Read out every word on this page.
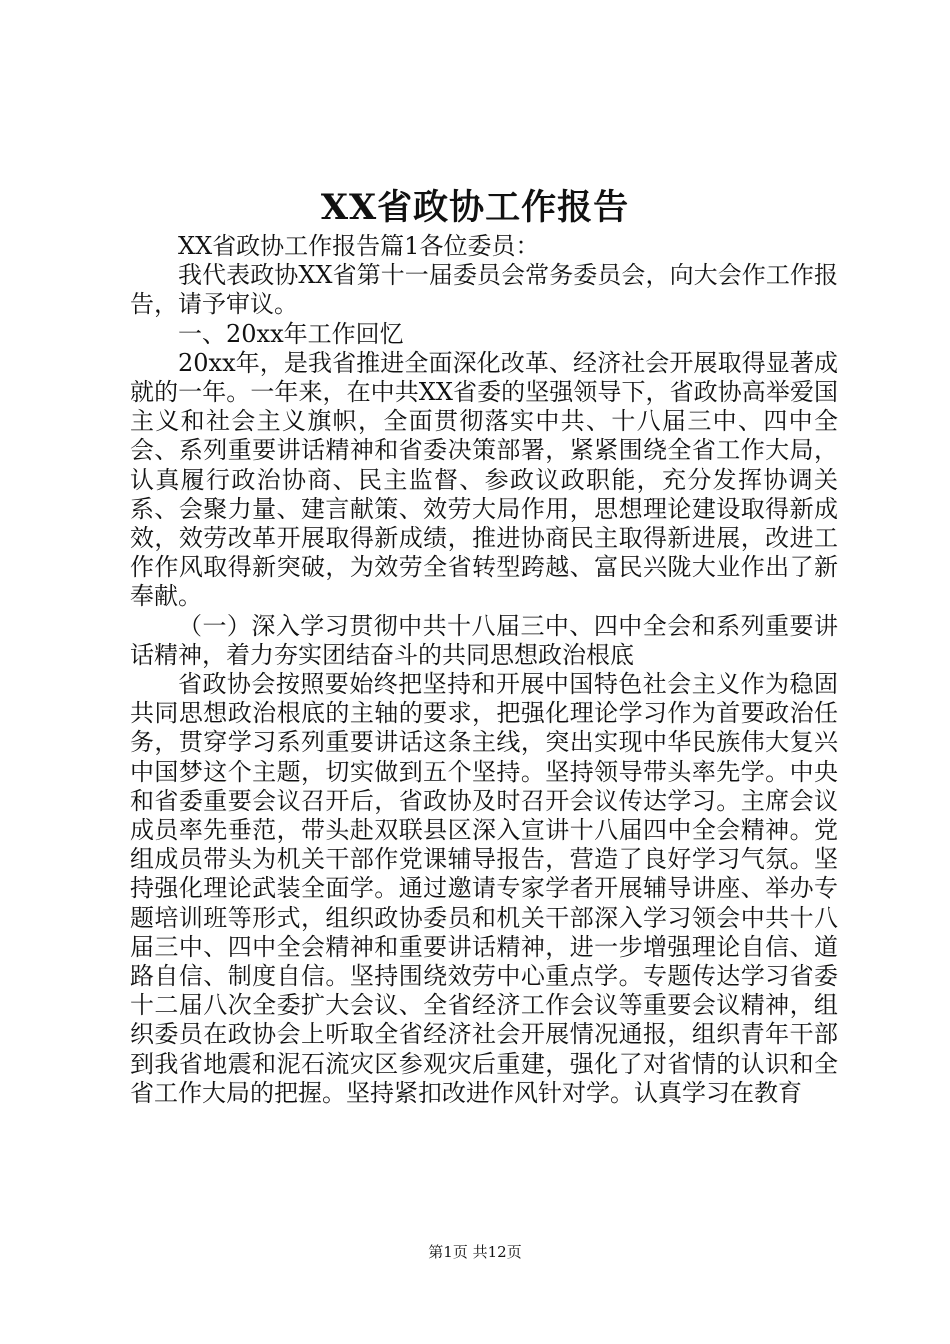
XX省政协工作报告

XX省政协工作报告篇1各位委员：

我代表政协XX省第十一届委员会常务委员会，向大会作工作报告，请予审议。

一、20xx年工作回忆

20xx年，是我省推进全面深化改革、经济社会开展取得显著成就的一年。一年来，在中共XX省委的坚强领导下，省政协高举爱国主义和社会主义旗帜，全面贯彻落实中共、十八届三中、四中全会、系列重要讲话精神和省委决策部署，紧紧围绕全省工作大局，认真履行政治协商、民主监督、参政议政职能，充分发挥协调关系、会聚力量、建言献策、效劳大局作用，思想理论建设取得新成效，效劳改革开展取得新成绩，推进协商民主取得新进展，改进工作作风取得新突破，为效劳全省转型跨越、富民兴陇大业作出了新奉献。

（一）深入学习贯彻中共十八届三中、四中全会和系列重要讲话精神，着力夯实团结奋斗的共同思想政治根底

省政协会按照要始终把坚持和开展中国特色社会主义作为稳固共同思想政治根底的主轴的要求，把强化理论学习作为首要政治任务，贯穿学习系列重要讲话这条主线，突出实现中华民族伟大复兴中国梦这个主题，切实做到五个坚持。坚持领导带头率先学。中央和省委重要会议召开后，省政协及时召开会议传达学习。主席会议成员率先垂范，带头赴双联县区深入宣讲十八届四中全会精神。党组成员带头为机关干部作党课辅导报告，营造了良好学习气氛。坚持强化理论武装全面学。通过邀请专家学者开展辅导讲座、举办专题培训班等形式，组织政协委员和机关干部深入学习领会中共十八届三中、四中全会精神和重要讲话精神，进一步增强理论自信、道路自信、制度自信。坚持围绕效劳中心重点学。专题传达学习省委十二届八次全委扩大会议、全省经济工作会议等重要会议精神，组织委员在政协会上听取全省经济社会开展情况通报，组织青年干部到我省地震和泥石流灾区参观灾后重建，强化了对省情的认识和全省工作大局的把握。坚持紧扣改进作风针对学。认真学习在教育

第1页 共12页
